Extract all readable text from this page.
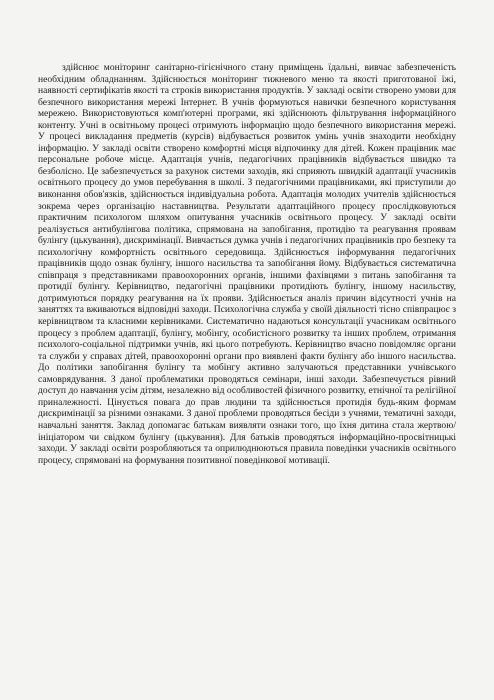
здійснює моніторинг санітарно-гігієнічного стану приміщень їдальні, вивчає забезпеченість необхідним обладнанням. Здійснюється моніторинг тижневого меню та якості приготованої їжі, наявності сертифікатів якості та строків використання продуктів. У закладі освіти створено умови для безпечного використання мережі Інтернет. В учнів формуються навички безпечного користування мережею. Використовуються комп'ютерні програми, які здійснюють фільтрування інформаційного контенту. Учні в освітньому процесі отримують інформацію щодо безпечного використання мережі. У процесі викладання предметів (курсів) відбувається розвиток умінь учнів знаходити необхідну інформацію. У закладі освіти створено комфортні місця відпочинку для дітей. Кожен працівник має персональне робоче місце. Адаптація учнів, педагогічних працівників відбувається швидко та безболісно. Це забезпечується за рахунок системи заходів, які сприяють швидкій адаптації учасників освітнього процесу до умов перебування в школі. З педагогічними працівниками, які приступили до виконання обов'язків, здійснюється індивідуальна робота. Адаптація молодих учителів здійснюється зокрема через організацію наставництва. Результати адаптаційного процесу прослідковуються практичним психологом шляхом опитування учасників освітнього процесу. У закладі освіти реалізується антибулінгова політика, спрямована на запобігання, протидію та реагування проявам булінгу (цькування), дискримінації. Вивчається думка учнів і педагогічних працівників про безпеку та психологічну комфортність освітнього середовища. Здійснюється інформування педагогічних працівників щодо ознак булінгу, іншого насильства та запобігання йому. Відбувається систематична співпраця з представниками правоохоронних органів, іншими фахівцями з питань запобігання та протидії булінгу. Керівництво, педагогічні працівники протидіють булінгу, іншому насильству, дотримуються порядку реагування на їх прояви. Здійснюється аналіз причин відсутності учнів на заняттях та вживаються відповідні заходи. Психологічна служба у своїй діяльності тісно співпрацює з керівництвом та класними керівниками. Систематично надаються консультації учасникам освітнього процесу з проблем адаптації, булінгу, мобінгу, особистісного розвитку та інших проблем, отримання психолого-соціальної підтримки учнів, які цього потребують. Керівництво вчасно повідомляє органи та служби у справах дітей, правоохоронні органи про виявлені факти булінгу або іншого насильства. До політики запобігання булінгу та мобінгу активно залучаються представники учнівського самоврядування. З даної проблематики проводяться семінари, інші заходи. Забезпечується рівний доступ до навчання усім дітям, незалежно від особливостей фізичного розвитку, етнічної та релігійної приналежності. Цінується повага до прав людини та здійснюється протидія будь-яким формам дискримінації за різними ознаками. З даної проблеми проводяться бесіди з учнями, тематичні заходи, навчальні заняття. Заклад допомагає батькам виявляти ознаки того, що їхня дитина стала жертвою/ініціатором чи свідком булінгу (цькування). Для батьків проводяться інформаційно-просвітницькі заходи. У закладі освіти розробляються та оприлюднюються правила поведінки учасників освітнього процесу, спрямовані на формування позитивної поведінкової мотивації.
